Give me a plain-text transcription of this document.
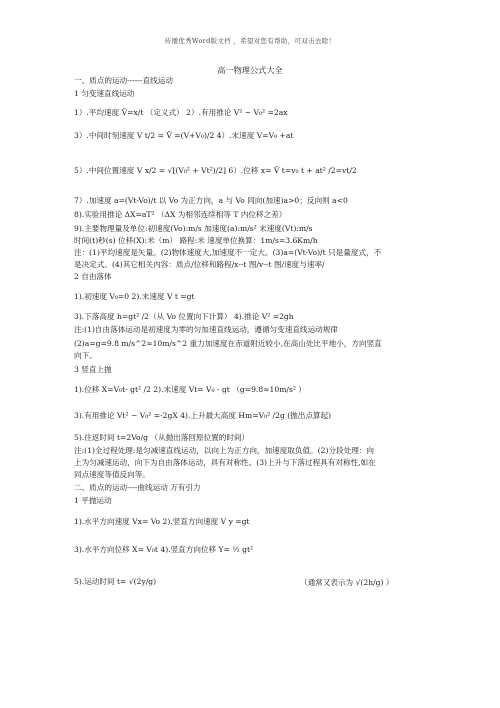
传播优秀Word版文档 ，希望对您有帮助，可双击去除！
高一物理公式大全
一、质点的运动------直线运动
1 匀变速直线运动
1）.平均速度 V̄=x/t （定义式） 2）.有用推论 V² − V₀² =2ax
3）.中间时刻速度 V t/2 = V̄ =(V+V₀)/2 4）.末速度 V=V₀ +at
5）.中间位置速度 V x/2 = √[(V₀² + Vt²)/2] 6）.位移 x= V̄ t=v₀ t + at² /2=vt/2
7）.加速度 a=(Vt-Vo)/t 以 Vo 为正方向，a 与 Vo 同向(加速)a>0；反向则 a<0
8).实验用推论 ΔX=aT² （ΔX 为相邻连续相等 T 内位移之差）
9).主要物理量及单位:初速度(Vo):m/s 加速度(a):m/s² 末速度(Vt):m/s
时间(t)秒(s) 位移(X):米（m） 路程:米 速度单位换算：1m/s=3.6Km/h
注：(1)平均速度是矢量。(2)物体速度大,加速度不一定大。(3)a=(Vt-Vo)/t 只是量度式，不
是决定式。(4)其它相关内容：质点/位移和路程/x--t 图/v--t 图/速度与速率/
2 自由落体
1).初速度 V₀=0 2).末速度 V t =gt
3).下落高度 h=gt² /2（从 Vo 位置向下计算） 4).推论 V² =2gh
注:(1)自由落体运动是初速度为零的匀加速直线运动，遵循匀变速直线运动规律
(2)a=g=9.8 m/s^2≈10m/s^2 重力加速度在赤道附近较小,在高山处比平地小，方向竖直
向下。
3 竖直上抛
1).位移 X=V₀t- gt² /2 2).末速度 Vt= V₀ - gt （g=9.8≈10m/s² ）
3).有用推论 Vt² − V₀² =-2gX 4).上升最大高度 Hm=V₀² /2g (抛出点算起)
5).往返时间 t=2Vo/g （从抛出落回原位置的时间）
注:(1)全过程处理:是匀减速直线运动，以向上为正方向，加速度取负值。(2)分段处理：向
上为匀减速运动，向下为自由落体运动，具有对称性。(3)上升与下落过程具有对称性,如在
同点速度等值反向等。
二、质点的运动----曲线运动 万有引力
1 平抛运动
1).水平方向速度 Vx= Vo 2).竖直方向速度 V y =gt
3).水平方向位移 X= V₀t 4).竖直方向位移 Y= ½ gt²
5).运动时间 t= √(2y/g)	（通常又表示为 √(2h/g) ）
